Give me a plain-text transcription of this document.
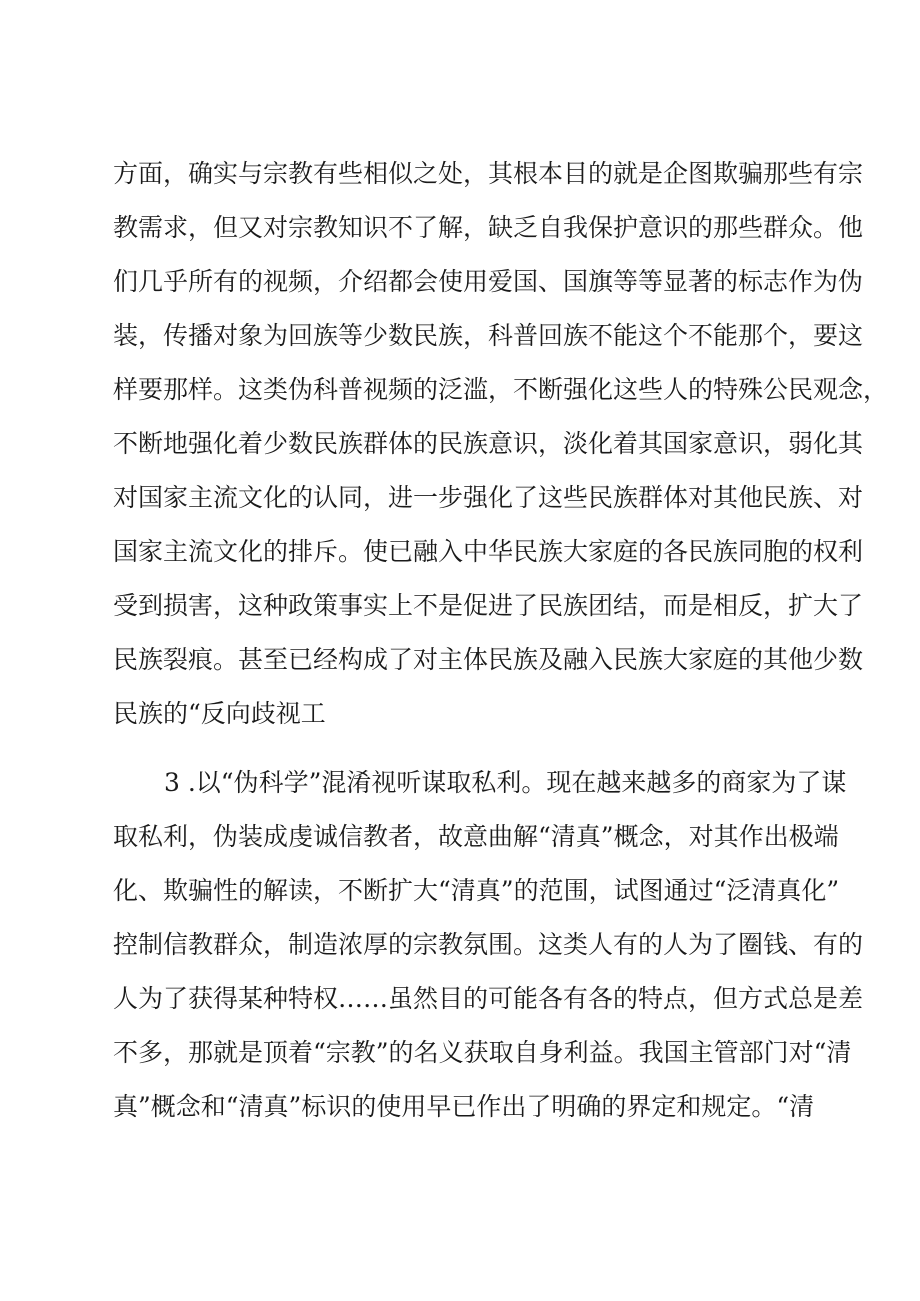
方面，确实与宗教有些相似之处，其根本目的就是企图欺骗那些有宗
教需求，但又对宗教知识不了解，缺乏自我保护意识的那些群众。他
们几乎所有的视频，介绍都会使用爱国、国旗等等显著的标志作为伪
装，传播对象为回族等少数民族，科普回族不能这个不能那个，要这
样要那样。这类伪科普视频的泛滥，不断强化这些人的特殊公民观念，
不断地强化着少数民族群体的民族意识，淡化着其国家意识，弱化其
对国家主流文化的认同，进一步强化了这些民族群体对其他民族、对
国家主流文化的排斥。使已融入中华民族大家庭的各民族同胞的权利
受到损害，这种政策事实上不是促进了民族团结，而是相反，扩大了
民族裂痕。甚至已经构成了对主体民族及融入民族大家庭的其他少数
民族的“反向歧视工
3 .以“伪科学”混淆视听谋取私利。现在越来越多的商家为了谋
取私利，伪装成虔诚信教者，故意曲解“清真”概念，对其作出极端
化、欺骗性的解读，不断扩大“清真”的范围，试图通过“泛清真化”
控制信教群众，制造浓厚的宗教氛围。这类人有的人为了圈钱、有的
人为了获得某种特权……虽然目的可能各有各的特点，但方式总是差
不多，那就是顶着“宗教”的名义获取自身利益。我国主管部门对“清
真”概念和“清真”标识的使用早已作出了明确的界定和规定。“清
